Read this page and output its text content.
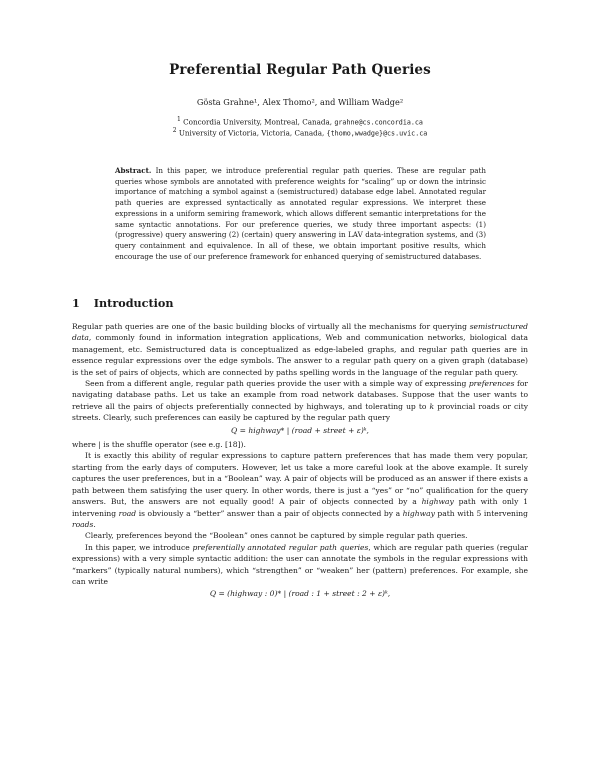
Preferential Regular Path Queries
Gösta Grahne¹, Alex Thomo², and William Wadge²
$^1$ Concordia University, Montreal, Canada, grahne@cs.concordia.ca
$^2$ University of Victoria, Victoria, Canada, {thomo,wwadge}@cs.uvic.ca
Abstract. In this paper, we introduce preferential regular path queries. These are regular path queries whose symbols are annotated with preference weights for “scaling” up or down the intrinsic importance of matching a symbol against a (semistructured) database edge label. Annotated regular path queries are expressed syntactically as annotated regular expressions. We interpret these expressions in a uniform semiring framework, which allows different semantic interpretations for the same syntactic annotations. For our preference queries, we study three important aspects: (1) (progressive) query answering (2) (certain) query answering in LAV data-integration systems, and (3) query containment and equivalence. In all of these, we obtain important positive results, which encourage the use of our preference framework for enhanced querying of semistructured databases.
1 Introduction

Regular path queries are one of the basic building blocks of virtually all the mechanisms for querying semistructured data, commonly found in information integration applications, Web and communication networks, biological data management, etc. Semistructured data is conceptualized as edge-labeled graphs, and regular path queries are in essence regular expressions over the edge symbols. The answer to a regular path query on a given graph (database) is the set of pairs of objects, which are connected by paths spelling words in the language of the regular path query.

Seen from a different angle, regular path queries provide the user with a simple way of expressing preferences for navigating database paths. Let us take an example from road network databases. Suppose that the user wants to retrieve all the pairs of objects preferentially connected by highways, and tolerating up to k provincial roads or city streets. Clearly, such preferences can easily be captured by the regular path query

Q = highway* | (road + street + ε)ᵏ,

where | is the shuffle operator (see e.g. [18]).

It is exactly this ability of regular expressions to capture pattern preferences that has made them very popular, starting from the early days of computers. However, let us take a more careful look at the above example. It surely captures the user preferences, but in a “Boolean” way. A pair of objects will be produced as an answer if there exists a path between them satisfying the user query. In other words, there is just a “yes” or “no” qualification for the query answers. But, the answers are not equally good! A pair of objects connected by a highway path with only 1 intervening road is obviously a “better” answer than a pair of objects connected by a highway path with 5 intervening roads.

Clearly, preferences beyond the “Boolean” ones cannot be captured by simple regular path queries.

In this paper, we introduce preferentially annotated regular path queries, which are regular path queries (regular expressions) with a very simple syntactic addition: the user can annotate the symbols in the regular expressions with “markers” (typically natural numbers), which “strengthen” or “weaken” her (pattern) preferences. For example, she can write

Q = (highway : 0)* | (road : 1 + street : 2 + ε)ᵏ,
